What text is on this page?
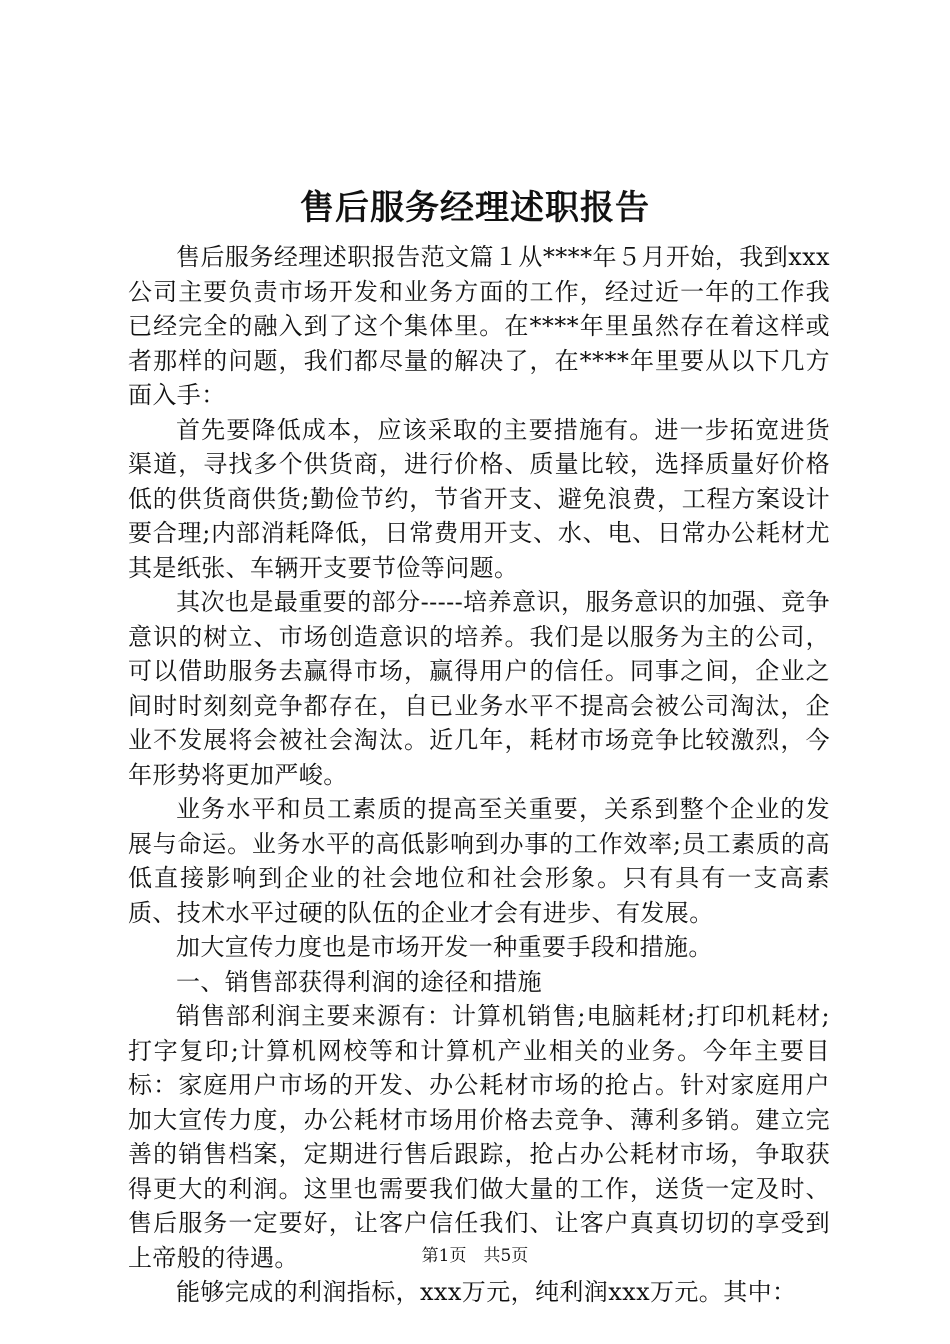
售后服务经理述职报告

售后服务经理述职报告范文篇１从****年５月开始，我到xxx公司主要负责市场开发和业务方面的工作，经过近一年的工作我已经完全的融入到了这个集体里。在****年里虽然存在着这样或者那样的问题，我们都尽量的解决了，在****年里要从以下几方面入手：

首先要降低成本，应该采取的主要措施有。进一步拓宽进货渠道，寻找多个供货商，进行价格、质量比较，选择质量好价格低的供货商供货;勤俭节约，节省开支、避免浪费，工程方案设计要合理;内部消耗降低，日常费用开支、水、电、日常办公耗材尤其是纸张、车辆开支要节俭等问题。

其次也是最重要的部分-----培养意识，服务意识的加强、竞争意识的树立、市场创造意识的培养。我们是以服务为主的公司，可以借助服务去赢得市场，赢得用户的信任。同事之间，企业之间时时刻刻竞争都存在，自已业务水平不提高会被公司淘汰，企业不发展将会被社会淘汰。近几年，耗材市场竞争比较激烈，今年形势将更加严峻。

业务水平和员工素质的提高至关重要，关系到整个企业的发展与命运。业务水平的高低影响到办事的工作效率;员工素质的高低直接影响到企业的社会地位和社会形象。只有具有一支高素质、技术水平过硬的队伍的企业才会有进步、有发展。

加大宣传力度也是市场开发一种重要手段和措施。

一、销售部获得利润的途径和措施

销售部利润主要来源有：计算机销售;电脑耗材;打印机耗材;打字复印;计算机网校等和计算机产业相关的业务。今年主要目标：家庭用户市场的开发、办公耗材市场的抢占。针对家庭用户加大宣传力度，办公耗材市场用价格去竞争、薄利多销。建立完善的销售档案，定期进行售后跟踪，抢占办公耗材市场，争取获得更大的利润。这里也需要我们做大量的工作，送货一定及时、售后服务一定要好，让客户信任我们、让客户真真切切的享受到上帝般的待遇。

能够完成的利润指标，xxx万元，纯利润xxx万元。其中：

第1页　共5页
